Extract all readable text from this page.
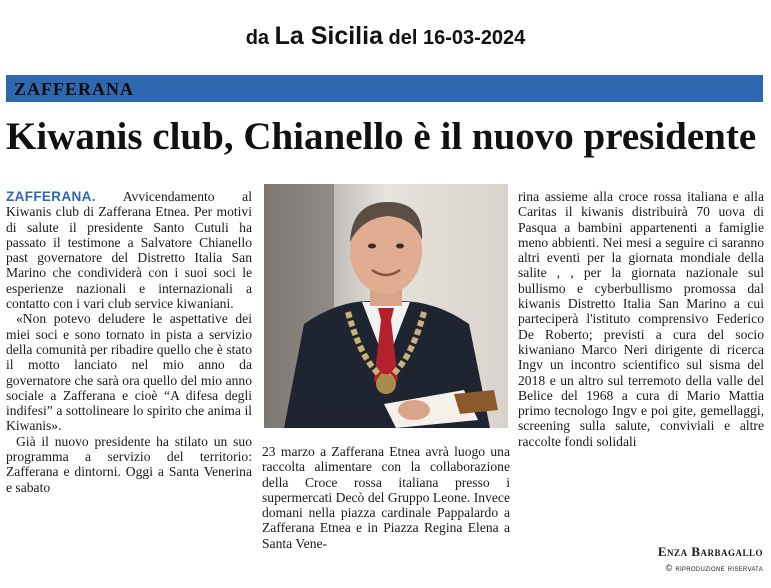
da La Sicilia del 16-03-2024
ZAFFERANA
Kiwanis club, Chianello è il nuovo presidente

ZAFFERANA. Avvicendamento al Kiwanis club di Zafferana Etnea. Per motivi di salute il presidente Santo Cutuli ha passato il testimone a Salvatore Chianello past governatore del Distretto Italia San Marino che condividerà con i suoi soci le esperienze nazionali e internazionali a contatto con i vari club service kiwaniani.

«Non potevo deludere le aspettative dei miei soci e sono tornato in pista a servizio della comunità per ribadire quello che è stato il motto lanciato nel mio anno da governatore che sarà ora quello del mio anno sociale a Zafferana e cioè “A difesa degli indifesi” a sottolineare lo spirito che anima il Kiwanis».

Già il nuovo presidente ha stilato un suo programma a servizio del territorio: Zafferana e dintorni. Oggi a Santa Venerina e sabato

23 marzo a Zafferana Etnea avrà luogo una raccolta alimentare con la collaborazione della Croce rossa italiana presso i supermercati Decò del Gruppo Leone. Invece domani nella piazza cardinale Pappalardo a Zafferana Etnea e in Piazza Regina Elena a Santa Vene-

rina assieme alla croce rossa italiana e alla Caritas il kiwanis distribuirà 70 uova di Pasqua a bambini appartenenti a famiglie meno abbienti. Nei mesi a seguire ci saranno altri eventi per la giornata mondiale della salite , , per la giornata nazionale sul bullismo e cyberbullismo promossa dal kiwanis Distretto Italia San Marino a cui parteciperà l'istituto comprensivo Federico De Roberto; previsti a cura del socio kiwaniano Marco Neri dirigente di ricerca Ingv un incontro scientifico sul sisma del 2018 e un altro sul terremoto della valle del Belice del 1968 a cura di Mario Mattia primo tecnologo Ingv e poi gite, gemellaggi, screening sulla salute, conviviali e altre raccolte fondi solidali

Enza Barbagallo
© riproduzione riservata
